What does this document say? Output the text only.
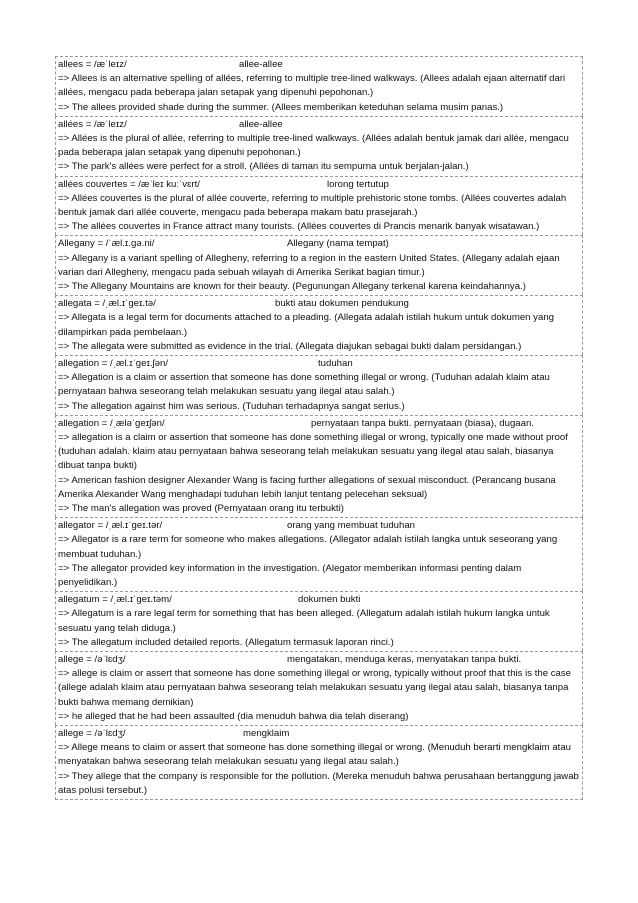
allees = /æˈleɪz/	allee-allee
=> Allees is an alternative spelling of allées, referring to multiple tree-lined walkways. (Allees adalah ejaan alternatif dari allées, mengacu pada beberapa jalan setapak yang dipenuhi pepohonan.)
=> The allees provided shade during the summer. (Allees memberikan keteduhan selama musim panas.)
allées = /æˈleɪz/	allee-allee
=> Allées is the plural of allée, referring to multiple tree-lined walkways. (Allées adalah bentuk jamak dari allée, mengacu pada beberapa jalan setapak yang dipenuhi pepohonan.)
=> The park's allées were perfect for a stroll. (Allées di taman itu sempurna untuk berjalan-jalan.)
allées couvertes = /æˈleɪ kuːˈvɛrt/	lorong tertutup
=> Allées couvertes is the plural of allée couverte, referring to multiple prehistoric stone tombs. (Allées couvertes adalah bentuk jamak dari allée couverte, mengacu pada beberapa makam batu prasejarah.)
=> The allées couvertes in France attract many tourists. (Allées couvertes di Prancis menarik banyak wisatawan.)
Allegany = /ˈæl.ɪ.ɡə.ni/	Allegany (nama tempat)
=> Allegany is a variant spelling of Allegheny, referring to a region in the eastern United States. (Allegany adalah ejaan varian dari Allegheny, mengacu pada sebuah wilayah di Amerika Serikat bagian timur.)
=> The Allegany Mountains are known for their beauty. (Pegunungan Allegany terkenal karena keindahannya.)
allegata = /ˌæl.ɪˈɡeɪ.tə/	bukti atau dokumen pendukung
=> Allegata is a legal term for documents attached to a pleading. (Allegata adalah istilah hukum untuk dokumen yang dilampirkan pada pembelaan.)
=> The allegata were submitted as evidence in the trial. (Allegata diajukan sebagai bukti dalam persidangan.)
allegation = /ˌæl.ɪˈɡeɪ.ʃən/	tuduhan
=> Allegation is a claim or assertion that someone has done something illegal or wrong. (Tuduhan adalah klaim atau pernyataan bahwa seseorang telah melakukan sesuatu yang ilegal atau salah.)
=> The allegation against him was serious. (Tuduhan terhadapnya sangat serius.)
allegation = /ˌæləˈɡeɪʃən/	pernyataan tanpa bukti. pernyataan (biasa), dugaan.
=> allegation is a claim or assertion that someone has done something illegal or wrong, typically one made without proof (tuduhan adalah. klaim atau pernyataan bahwa seseorang telah melakukan sesuatu yang ilegal atau salah, biasanya dibuat tanpa bukti)
=> American fashion designer Alexander Wang is facing further allegations of sexual misconduct. (Perancang busana Amerika Alexander Wang menghadapi tuduhan lebih lanjut tentang pelecehan seksual)
=> The man's allegation was proved (Pernyataan orang itu terbukti)
allegator = /ˌæl.ɪˈɡeɪ.tər/	orang yang membuat tuduhan
=> Allegator is a rare term for someone who makes allegations. (Allegator adalah istilah langka untuk seseorang yang membuat tuduhan.)
=> The allegator provided key information in the investigation. (Alegator memberikan informasi penting dalam penyelidikan.)
allegatum = /ˌæl.ɪˈɡeɪ.təm/	dokumen bukti
=> Allegatum is a rare legal term for something that has been alleged. (Allegatum adalah istilah hukum langka untuk sesuatu yang telah diduga.)
=> The allegatum included detailed reports. (Allegatum termasuk laporan rinci.)
allege = /əˈlɛdʒ/	mengatakan, menduga keras, menyatakan tanpa bukti.
=> allege is claim or assert that someone has done something illegal or wrong, typically without proof that this is the case (allege adalah klaim atau pernyataan bahwa seseorang telah melakukan sesuatu yang ilegal atau salah, biasanya tanpa bukti bahwa memang demikian)
=> he alleged that he had been assaulted (dia menuduh bahwa dia telah diserang)
allege = /əˈlɛdʒ/	mengklaim
=> Allege means to claim or assert that someone has done something illegal or wrong. (Menuduh berarti mengklaim atau menyatakan bahwa seseorang telah melakukan sesuatu yang ilegal atau salah.)
=> They allege that the company is responsible for the pollution. (Mereka menuduh bahwa perusahaan bertanggung jawab atas polusi tersebut.)
